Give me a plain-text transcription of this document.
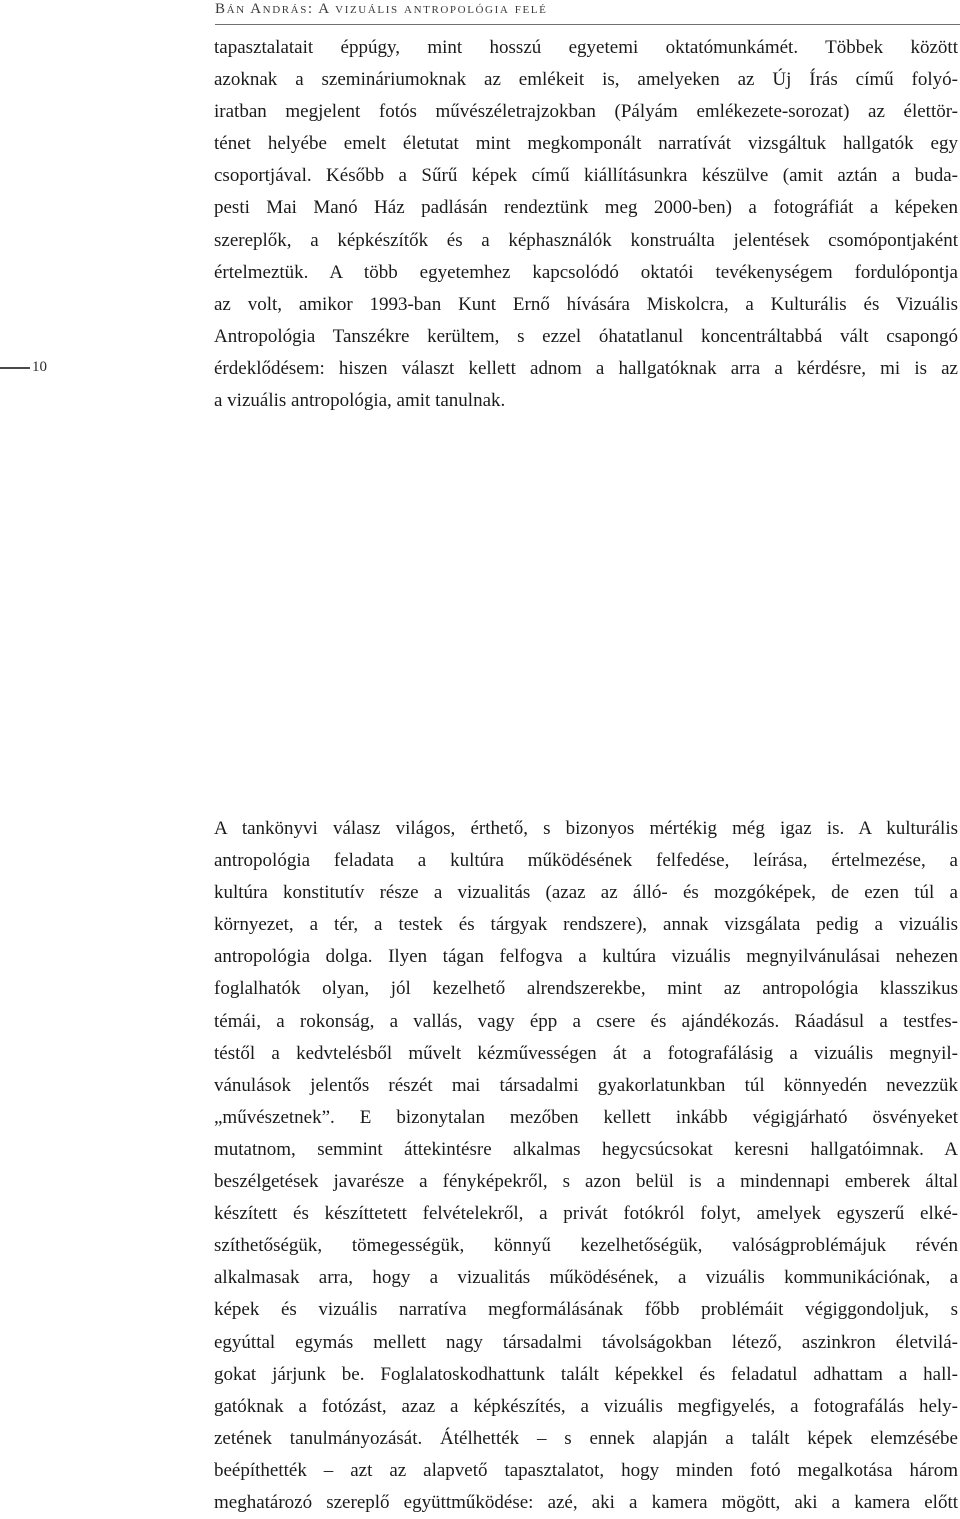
Bán András: A vizuális antropológia felé
10
tapasztalatait éppúgy, mint hosszú egyetemi oktatómunkámét. Többek között
azoknak a szemináriumoknak az emlékeit is, amelyeken az Új Írás című folyó-
iratban megjelent fotós művészéletrajzokban (Pályám emlékezete-sorozat) az élettör-
ténet helyébe emelt életutat mint megkomponált narratívát vizsgáltuk hallgatók egy
csoportjával. Később a Sűrű képek című kiállításunkra készülve (amit aztán a buda-
pesti Mai Manó Ház padlásán rendeztünk meg 2000-ben) a fotográfiát a képeken
szereplők, a képkészítők és a képhasználók konstruálta jelentések csomópontjaként
értelmeztük. A több egyetemhez kapcsolódó oktatói tevékenységem fordulópontja
az volt, amikor 1993-ban Kunt Ernő hívására Miskolcra, a Kulturális és Vizuális
Antropológia Tanszékre kerültem, s ezzel óhatatlanul koncentráltabbá vált csapongó
érdeklődésem: hiszen választ kellett adnom a hallgatóknak arra a kérdésre, mi is az
a vizuális antropológia, amit tanulnak.
A tankönyvi válasz világos, érthető, s bizonyos mértékig még igaz is. A kulturális
antropológia feladata a kultúra működésének felfedése, leírása, értelmezése, a
kultúra konstitutív része a vizualitás (azaz az álló- és mozgóképek, de ezen túl a
környezet, a tér, a testek és tárgyak rendszere), annak vizsgálata pedig a vizuális
antropológia dolga. Ilyen tágan felfogva a kultúra vizuális megnyilvánulásai nehezen
foglalhatók olyan, jól kezelhető alrendszerekbe, mint az antropológia klasszikus
témái, a rokonság, a vallás, vagy épp a csere és ajándékozás. Ráadásul a testfes-
téstől a kedvtelésből művelt kézművességen át a fotografálásig a vizuális megnyil-
vánulások jelentős részét mai társadalmi gyakorlatunkban túl könnyedén nevezzük
„művészetnek”. E bizonytalan mezőben kellett inkább végigjárható ösvényeket
mutatnom, semmint áttekintésre alkalmas hegycsúcsokat keresni hallgatóimnak. A
beszélgetések javarésze a fényképekről, s azon belül is a mindennapi emberek által
készített és készíttetett felvételekről, a privát fotókról folyt, amelyek egyszerű elké-
szíthetőségük, tömegességük, könnyű kezelhetőségük, valóságproblémájuk révén
alkalmasak arra, hogy a vizualitás működésének, a vizuális kommunikációnak, a
képek és vizuális narratíva megformálásának főbb problémáit végiggondoljuk, s
egyúttal egymás mellett nagy társadalmi távolságokban létező, aszinkron életvilá-
gokat járjunk be. Foglalatoskodhattunk talált képekkel és feladatul adhattam a hall-
gatóknak a fotózást, azaz a képkészítés, a vizuális megfigyelés, a fotografálás hely-
zetének tanulmányozását. Átélhették – s ennek alapján a talált képek elemzésébe
beépíthették – azt az alapvető tapasztalatot, hogy minden fotó megalkotása három
meghatározó szereplő együttműködése: azé, aki a kamera mögött, aki a kamera előtt
